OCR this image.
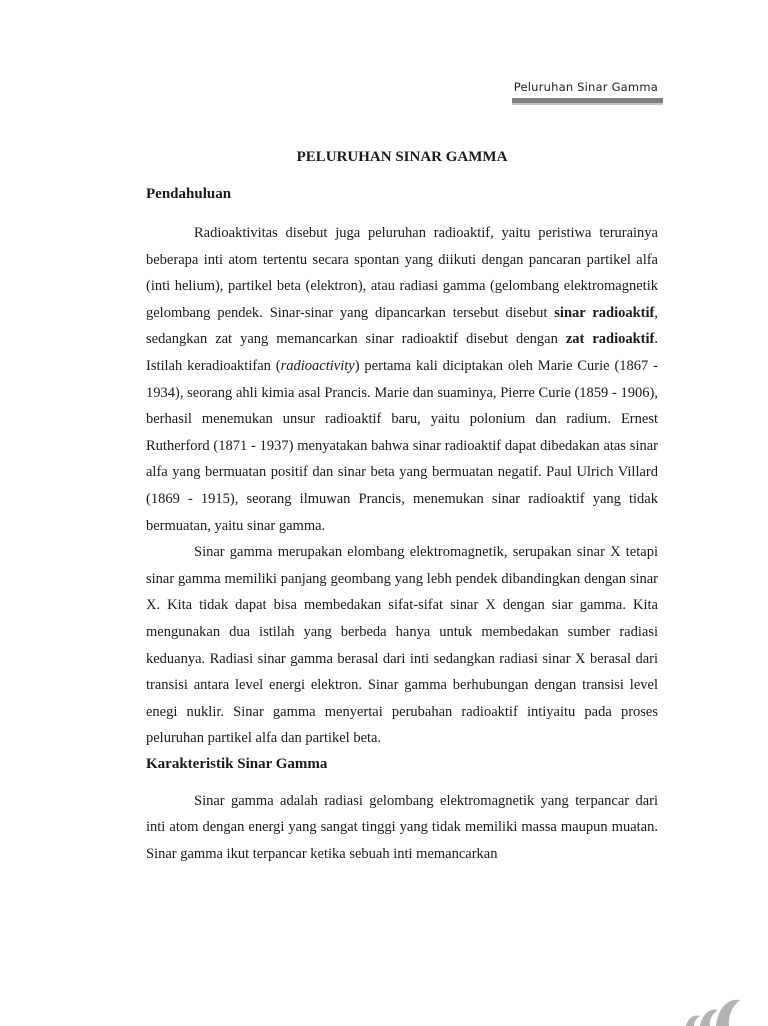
Peluruhan Sinar Gamma
PELURUHAN SINAR GAMMA
Pendahuluan

Radioaktivitas disebut juga peluruhan radioaktif, yaitu peristiwa terurainya beberapa inti atom tertentu secara spontan yang diikuti dengan pancaran partikel alfa (inti helium), partikel beta (elektron), atau radiasi gamma (gelombang elektromagnetik gelombang pendek. Sinar-sinar yang dipancarkan tersebut disebut sinar radioaktif, sedangkan zat yang memancarkan sinar radioaktif disebut dengan zat radioaktif. Istilah keradioaktifan (radioactivity) pertama kali diciptakan oleh Marie Curie (1867 - 1934), seorang ahli kimia asal Prancis. Marie dan suaminya, Pierre Curie (1859 - 1906), berhasil menemukan unsur radioaktif baru, yaitu polonium dan radium. Ernest Rutherford (1871 - 1937) menyatakan bahwa sinar radioaktif dapat dibedakan atas sinar alfa yang bermuatan positif dan sinar beta yang bermuatan negatif. Paul Ulrich Villard (1869 - 1915), seorang ilmuwan Prancis, menemukan sinar radioaktif yang tidak bermuatan, yaitu sinar gamma.

Sinar gamma merupakan elombang elektromagnetik, serupakan sinar X tetapi sinar gamma memiliki panjang geombang yang lebh pendek dibandingkan dengan sinar X. Kita tidak dapat bisa membedakan sifat-sifat sinar X dengan siar gamma. Kita mengunakan dua istilah yang berbeda hanya untuk membedakan sumber radiasi keduanya. Radiasi sinar gamma berasal dari inti sedangkan radiasi sinar X berasal dari transisi antara level energi elektron. Sinar gamma berhubungan dengan transisi level enegi nuklir. Sinar gamma menyertai perubahan radioaktif intiyaitu pada proses peluruhan partikel alfa dan partikel beta.

Karakteristik Sinar Gamma

Sinar gamma adalah radiasi gelombang elektromagnetik yang terpancar dari inti atom dengan energi yang sangat tinggi yang tidak memiliki massa maupun muatan. Sinar gamma ikut terpancar ketika sebuah inti memancarkan
